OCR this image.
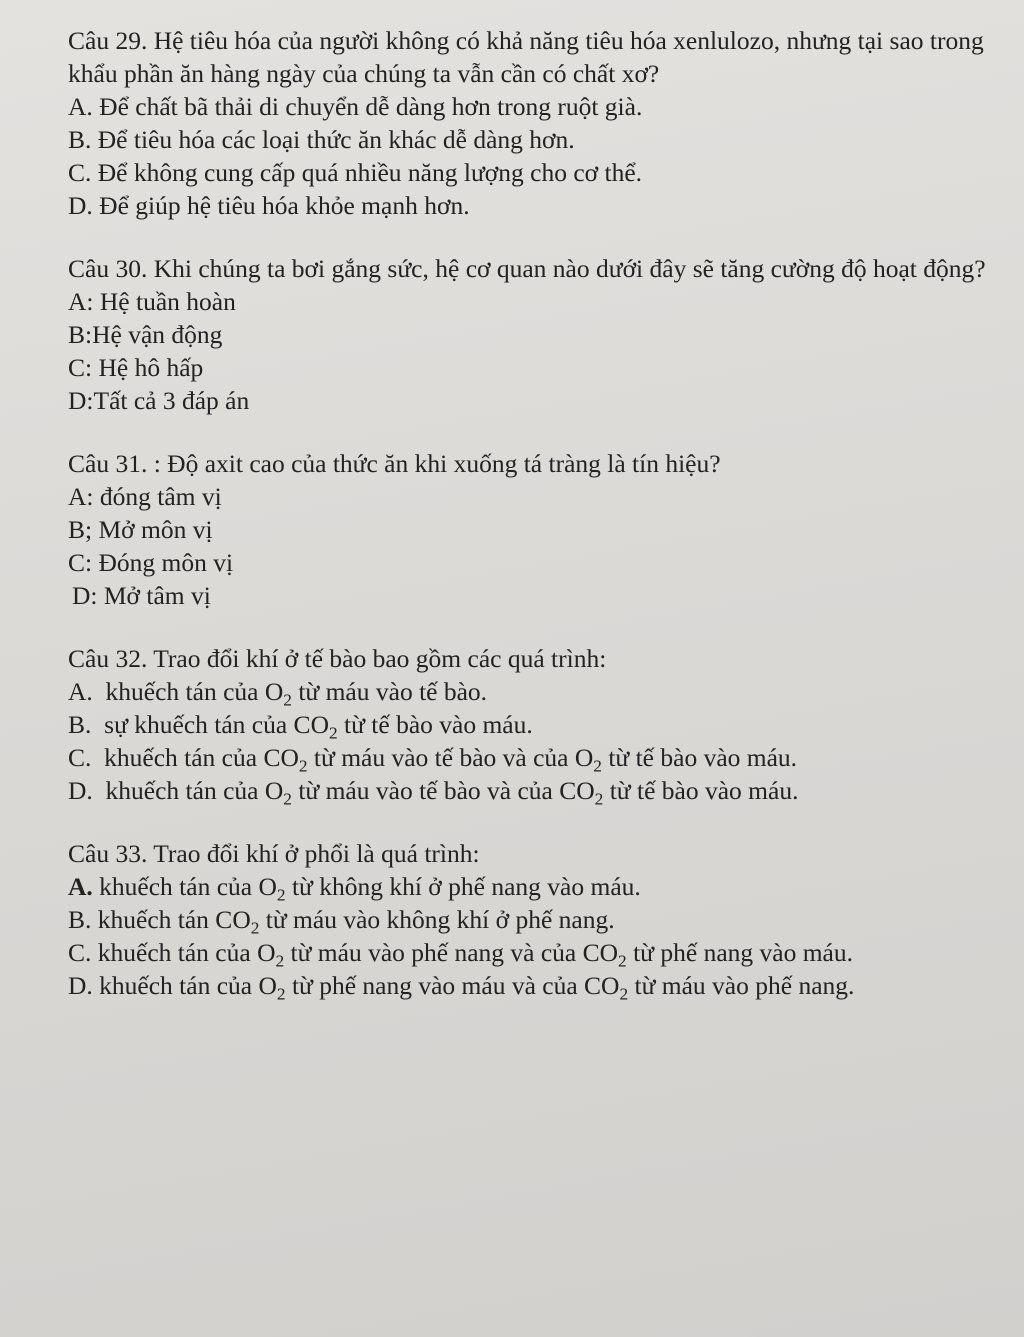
Câu 29. Hệ tiêu hóa của người không có khả năng tiêu hóa xenlulozo, nhưng tại sao trong khẩu phần ăn hàng ngày của chúng ta vẫn cần có chất xơ?

A. Để chất bã thải di chuyển dễ dàng hơn trong ruột già.

B. Để tiêu hóa các loại thức ăn khác dễ dàng hơn.

C. Để không cung cấp quá nhiều năng lượng cho cơ thể.

D. Để giúp hệ tiêu hóa khỏe mạnh hơn.

Câu 30. Khi chúng ta bơi gắng sức, hệ cơ quan nào dưới đây sẽ tăng cường độ hoạt động?

A: Hệ tuần hoàn

B:Hệ vận động

C: Hệ hô hấp

D:Tất cả 3 đáp án

Câu 31. : Độ axit cao của thức ăn khi xuống tá tràng là tín hiệu?

A: đóng tâm vị

B; Mở môn vị

C: Đóng môn vị

D: Mở tâm vị

Câu 32. Trao đổi khí ở tế bào bao gồm các quá trình:

A. khuếch tán của $O_2$ từ máu vào tế bào.

B. sự khuếch tán của $CO_2$ từ tế bào vào máu.

C. khuếch tán của $CO_2$ từ máu vào tế bào và của $O_2$ từ tế bào vào máu.

D. khuếch tán của $O_2$ từ máu vào tế bào và của $CO_2$ từ tế bào vào máu.

Câu 33. Trao đổi khí ở phổi là quá trình:

A. khuếch tán của $O_2$ từ không khí ở phế nang vào máu.

B. khuếch tán $CO_2$ từ máu vào không khí ở phế nang.

C. khuếch tán của $O_2$ từ máu vào phế nang và của $CO_2$ từ phế nang vào máu.

D. khuếch tán của $O_2$ từ phế nang vào máu và của $CO_2$ từ máu vào phế nang.
